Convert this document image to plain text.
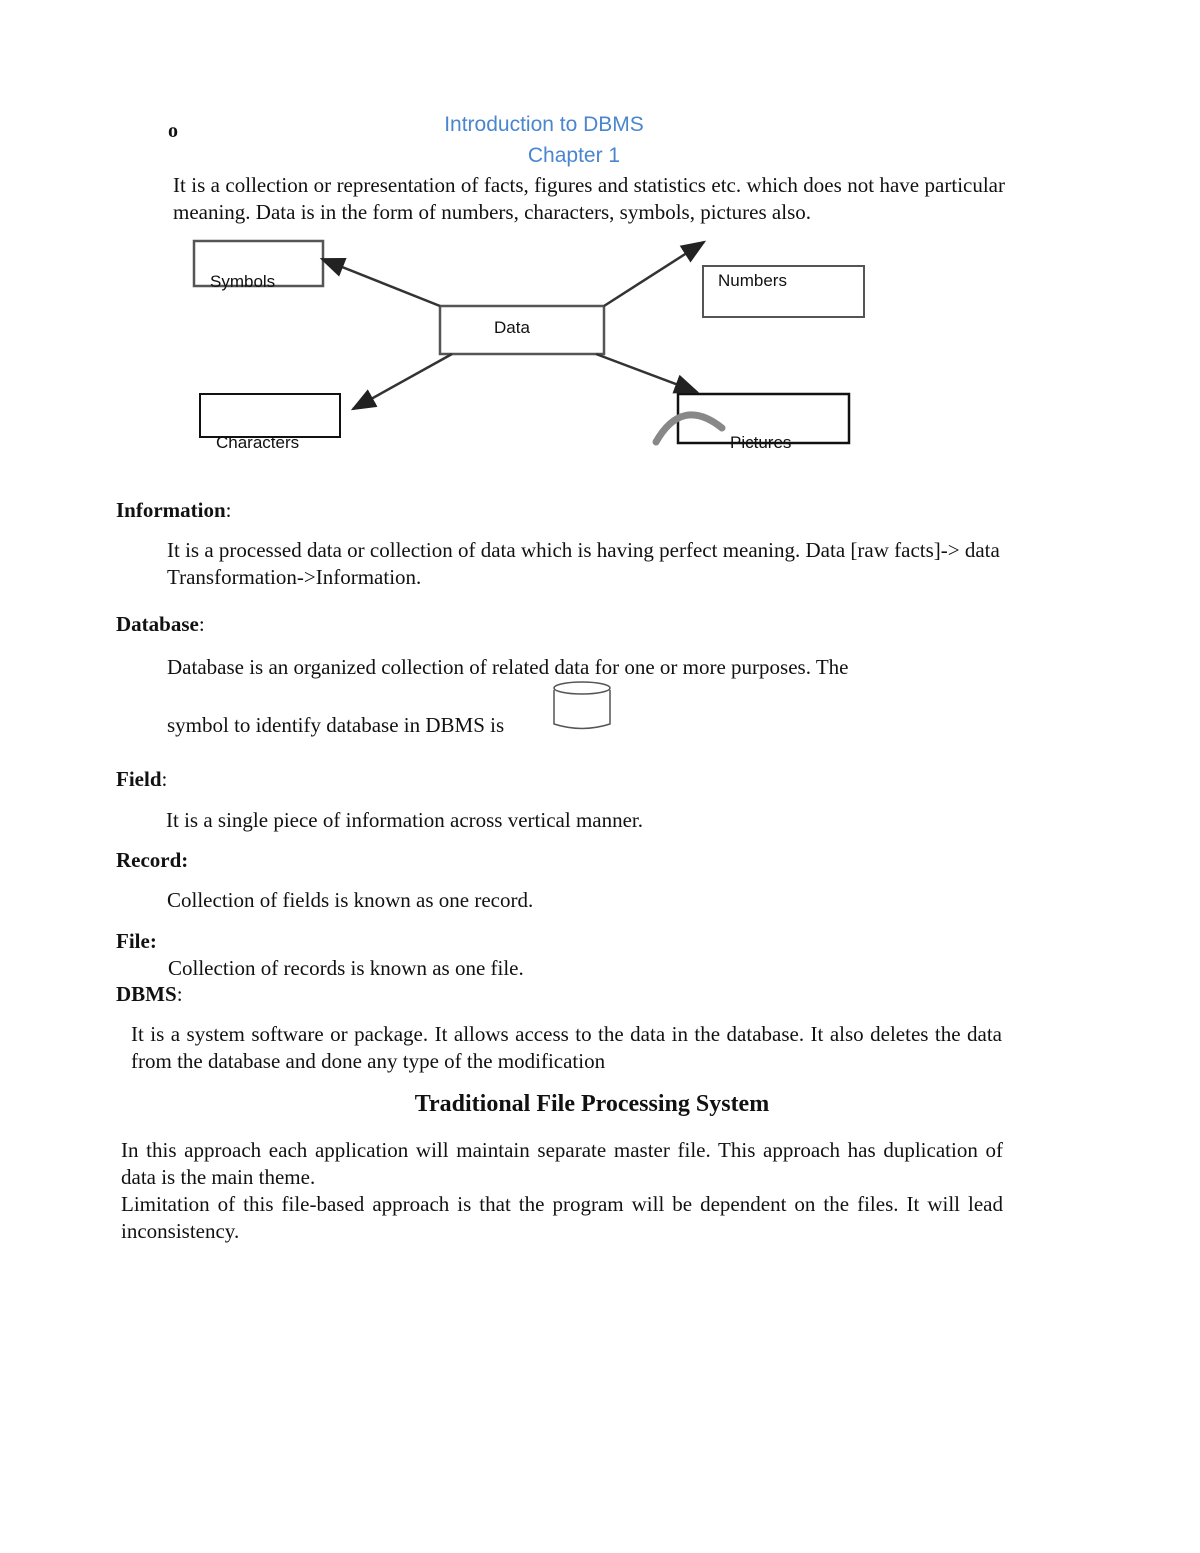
o	Introduction to DBMS
Chapter 1

It is a collection or representation of facts, figures and statistics etc. which does not have particular meaning. Data is in the form of numbers, characters, symbols, pictures also.

Data
Symbols	Numbers
Characters	Pictures
Information:

It is a processed data or collection of data which is having perfect meaning. Data [raw facts]-> data Transformation->Information.

Database:

Database is an organized collection of related data for one or more purposes. The

symbol to identify database in DBMS is

Field:

It is a single piece of information across vertical manner.

Record:

Collection of fields is known as one record.

File:

Collection of records is known as one file.

DBMS:

It is a system software or package. It allows access to the data in the database. It also deletes the data from the database and done any type of the modification

Traditional File Processing System

In this approach each application will maintain separate master file. This approach has duplication of data is the main theme.

Limitation of this file-based approach is that the program will be dependent on the files. It will lead inconsistency.
